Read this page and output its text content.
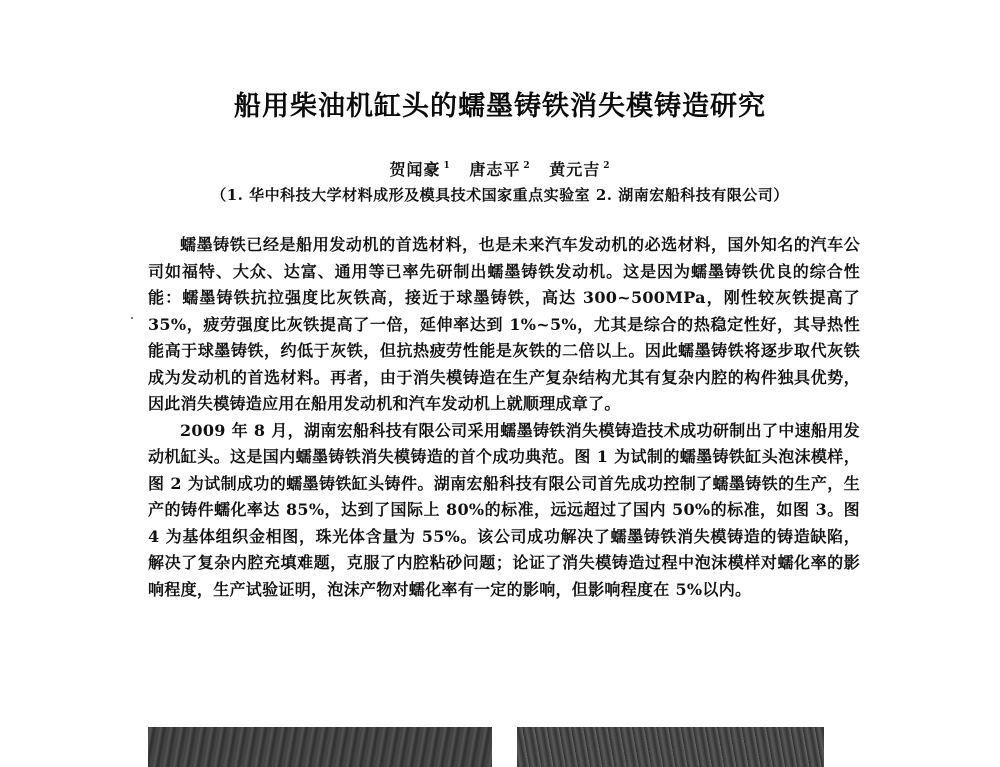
船用柴油机缸头的蠕墨铸铁消失模铸造研究
贺闻豪 $^1$ 唐志平 $^2$ 黄元吉 $^2$
（1. 华中科技大学材料成形及模具技术国家重点实验室 2. 湖南宏船科技有限公司）

蠕墨铸铁已经是船用发动机的首选材料，也是未来汽车发动机的必选材料，国外知名的汽车公司如福特、大众、达富、通用等已率先研制出蠕墨铸铁发动机。这是因为蠕墨铸铁优良的综合性能：蠕墨铸铁抗拉强度比灰铁高，接近于球墨铸铁，高达 300~500MPa，刚性较灰铁提高了 35%，疲劳强度比灰铁提高了一倍，延伸率达到 1%~5%，尤其是综合的热稳定性好，其导热性能高于球墨铸铁，约低于灰铁，但抗热疲劳性能是灰铁的二倍以上。因此蠕墨铸铁将逐步取代灰铁成为发动机的首选材料。再者，由于消失模铸造在生产复杂结构尤其有复杂内腔的构件独具优势，因此消失模铸造应用在船用发动机和汽车发动机上就顺理成章了。

2009 年 8 月，湖南宏船科技有限公司采用蠕墨铸铁消失模铸造技术成功研制出了中速船用发动机缸头。这是国内蠕墨铸铁消失模铸造的首个成功典范。图 1 为试制的蠕墨铸铁缸头泡沫模样，图 2 为试制成功的蠕墨铸铁缸头铸件。湖南宏船科技有限公司首先成功控制了蠕墨铸铁的生产，生产的铸件蠕化率达 85%，达到了国际上 80%的标准，远远超过了国内 50%的标准，如图 3。图 4 为基体组织金相图，珠光体含量为 55%。该公司成功解决了蠕墨铸铁消失模铸造的铸造缺陷，解决了复杂内腔充填难题，克服了内腔粘砂问题；论证了消失模铸造过程中泡沫模样对蠕化率的影响程度，生产试验证明，泡沫产物对蠕化率有一定的影响，但影响程度在 5%以内。
